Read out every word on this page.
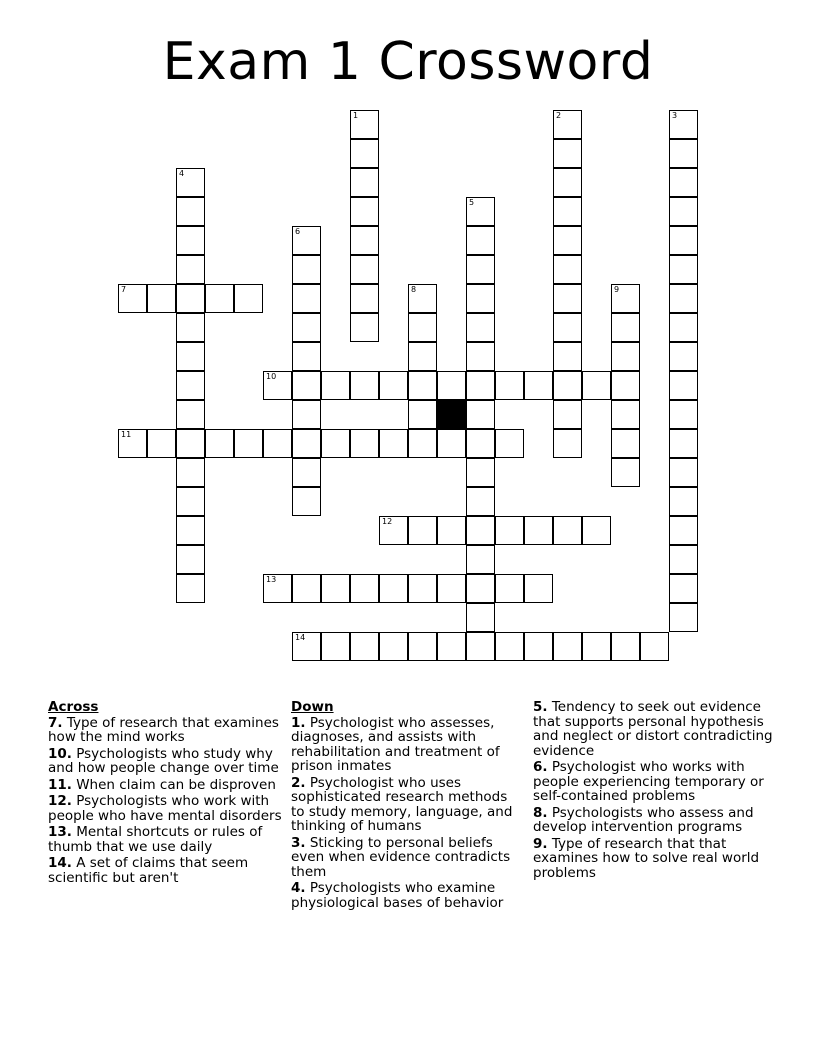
Exam 1 Crossword
1	2	3
4
5
6
7	8	9
10
11
12
13
14
Across
7. Type of research that examines how the mind works
10. Psychologists who study why and how people change over time
11. When claim can be disproven
12. Psychologists who work with people who have mental disorders
13. Mental shortcuts or rules of thumb that we use daily
14. A set of claims that seem scientific but aren't
Down
1. Psychologist who assesses, diagnoses, and assists with rehabilitation and treatment of prison inmates
2. Psychologist who uses sophisticated research methods to study memory, language, and thinking of humans
3. Sticking to personal beliefs even when evidence contradicts them
4. Psychologists who examine physiological bases of behavior
5. Tendency to seek out evidence that supports personal hypothesis and neglect or distort contradicting evidence
6. Psychologist who works with people experiencing temporary or self-contained problems
8. Psychologists who assess and develop intervention programs
9. Type of research that that examines how to solve real world problems
